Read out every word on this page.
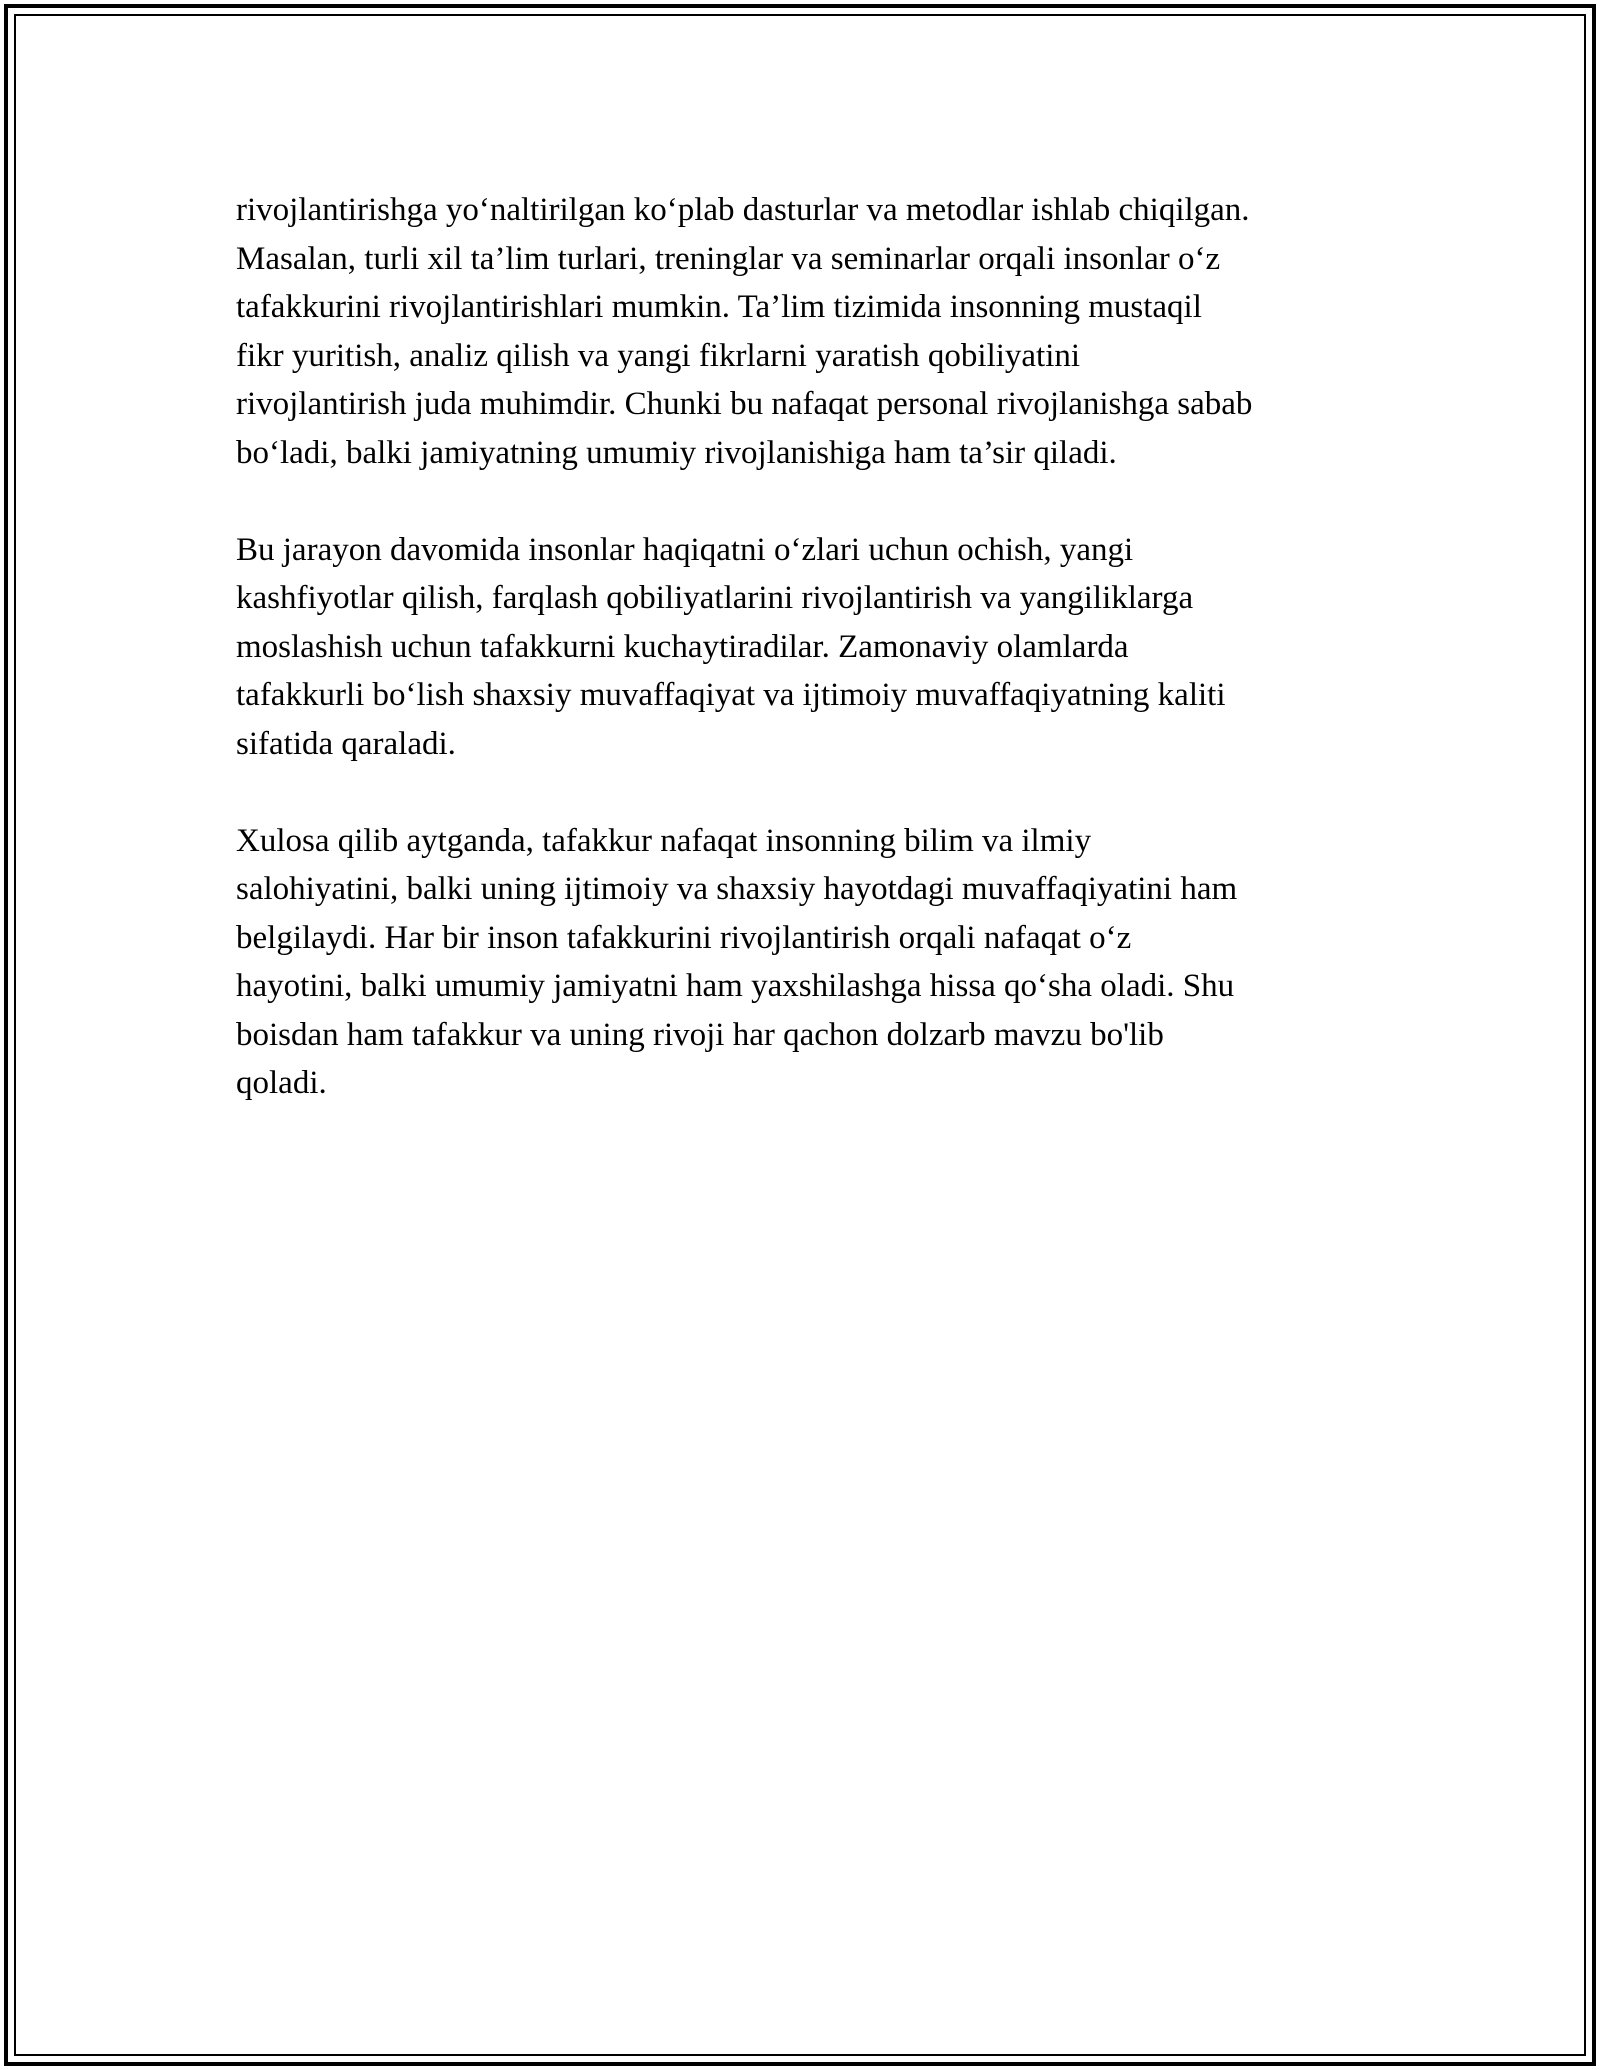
rivojlantirishga yo‘naltirilgan ko‘plab dasturlar va metodlar ishlab chiqilgan.
Masalan, turli xil ta’lim turlari, treninglar va seminarlar orqali insonlar o‘z
tafakkurini rivojlantirishlari mumkin. Ta’lim tizimida insonning mustaqil
fikr yuritish, analiz qilish va yangi fikrlarni yaratish qobiliyatini
rivojlantirish juda muhimdir. Chunki bu nafaqat personal rivojlanishga sabab
bo‘ladi, balki jamiyatning umumiy rivojlanishiga ham ta’sir qiladi.
Bu jarayon davomida insonlar haqiqatni o‘zlari uchun ochish, yangi
kashfiyotlar qilish, farqlash qobiliyatlarini rivojlantirish va yangiliklarga
moslashish uchun tafakkurni kuchaytiradilar. Zamonaviy olamlarda
tafakkurli bo‘lish shaxsiy muvaffaqiyat va ijtimoiy muvaffaqiyatning kaliti
sifatida qaraladi.
Xulosa qilib aytganda, tafakkur nafaqat insonning bilim va ilmiy
salohiyatini, balki uning ijtimoiy va shaxsiy hayotdagi muvaffaqiyatini ham
belgilaydi. Har bir inson tafakkurini rivojlantirish orqali nafaqat o‘z
hayotini, balki umumiy jamiyatni ham yaxshilashga hissa qo‘sha oladi. Shu
boisdan ham tafakkur va uning rivoji har qachon dolzarb mavzu bo'lib
qoladi.
